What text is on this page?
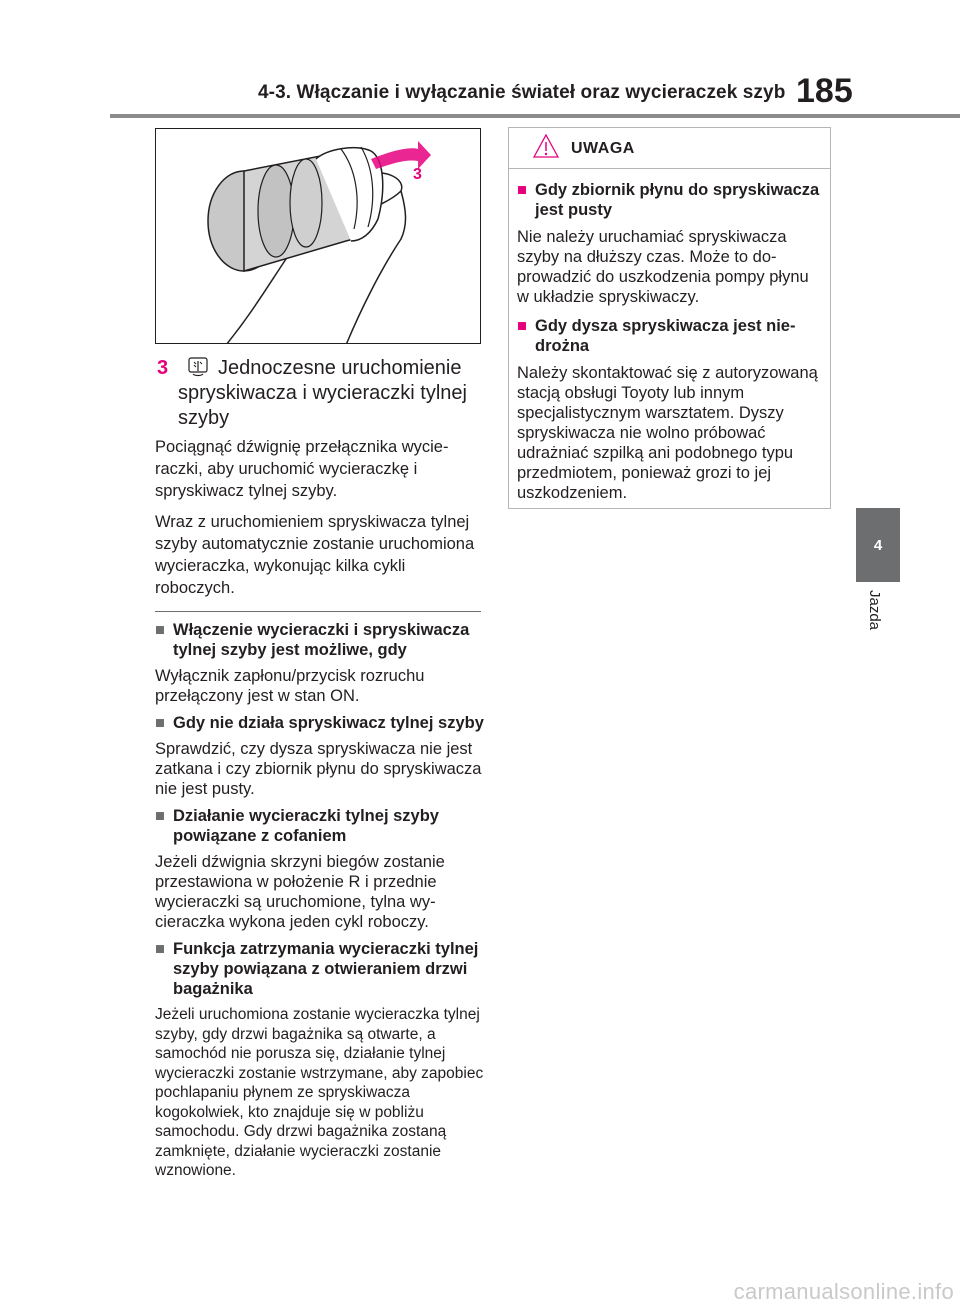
4-3. Włączanie i wyłączanie świateł oraz wycieraczek szyb 185
4
Jazda
3
3	Jednoczesne uruchomienie spryskiwacza i wycieraczki tylnej szyby

Pociągnąć dźwignię przełącznika wycieraczki, aby uruchomić wycieraczkę i spryskiwacz tylnej szyby.

Wraz z uruchomieniem spryskiwacza tylnej szyby automatycznie zostanie uruchomiona wycieraczka, wykonując kilka cykli roboczych.

■ Włączenie wycieraczki i spryskiwacza tylnej szyby jest możliwe, gdy

Wyłącznik zapłonu/przycisk rozruchu przełączony jest w stan ON.

■ Gdy nie działa spryskiwacz tylnej szyby

Sprawdzić, czy dysza spryskiwacza nie jest zatkana i czy zbiornik płynu do spryskiwacza nie jest pusty.

■ Działanie wycieraczki tylnej szyby powiązane z cofaniem

Jeżeli dźwignia skrzyni biegów zostanie przestawiona w położenie R i przednie wycieraczki są uruchomione, tylna wycieraczka wykona jeden cykl roboczy.

■ Funkcja zatrzymania wycieraczki tylnej szyby powiązana z otwieraniem drzwi bagażnika

Jeżeli uruchomiona zostanie wycieraczka tylnej szyby, gdy drzwi bagażnika są otwarte, a samochód nie porusza się, działanie tylnej wycieraczki zostanie wstrzymane, aby zapobiec pochlapaniu płynem ze spryskiwacza kogokolwiek, kto znajduje się w pobliżu samochodu. Gdy drzwi bagażnika zostaną zamknięte, działanie wycieraczki zostanie wznowione.

UWAGA

■ Gdy zbiornik płynu do spryskiwacza jest pusty

Nie należy uruchamiać spryskiwacza szyby na dłuższy czas. Może to doprowadzić do uszkodzenia pompy płynu w układzie spryskiwaczy.

■ Gdy dysza spryskiwacza jest niedrożna

Należy skontaktować się z autoryzowaną stacją obsługi Toyoty lub innym specjalistycznym warsztatem. Dyszy spryskiwacza nie wolno próbować udrażniać szpilką ani podobnego typu przedmiotem, ponieważ grozi to jej uszkodzeniem.

carmanualsonline.info
